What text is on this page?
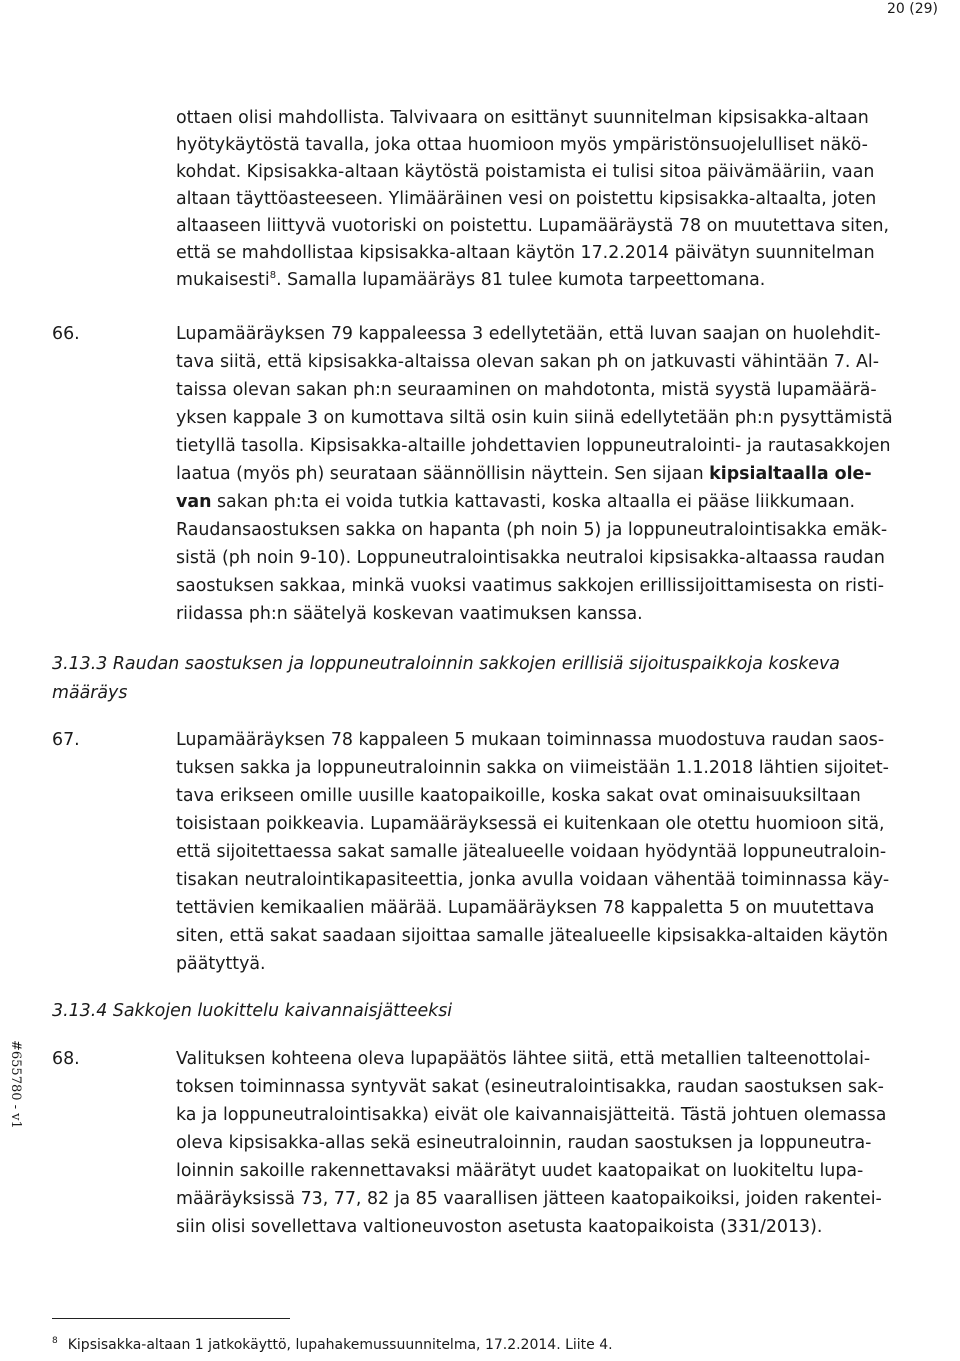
20 (29)
ottaen olisi mahdollista. Talvivaara on esittänyt suunnitelman kipsisakka-altaan
hyötykäytöstä tavalla, joka ottaa huomioon myös ympäristönsuojelulliset näkö-
kohdat. Kipsisakka-altaan käytöstä poistamista ei tulisi sitoa päivämääriin, vaan
altaan täyttöasteeseen. Ylimääräinen vesi on poistettu kipsisakka-altaalta, joten
altaaseen liittyvä vuotoriski on poistettu. Lupamääräystä 78 on muutettava siten,
että se mahdollistaa kipsisakka-altaan käytön 17.2.2014 päivätyn suunnitelman
mukaisesti$^8$. Samalla lupamääräys 81 tulee kumota tarpeettomana.
66.	Lupamääräyksen 79 kappaleessa 3 edellytetään, että luvan saajan on huolehdit-
tava siitä, että kipsisakka-altaissa olevan sakan ph on jatkuvasti vähintään 7. Al-
taissa olevan sakan ph:n seuraaminen on mahdotonta, mistä syystä lupamäärä-
yksen kappale 3 on kumottava siltä osin kuin siinä edellytetään ph:n pysyttämistä
tietyllä tasolla. Kipsisakka-altaille johdettavien loppuneutralointi- ja rautasakkojen
laatua (myös ph) seurataan säännöllisin näyttein. Sen sijaan kipsialtaalla ole-
van sakan ph:ta ei voida tutkia kattavasti, koska altaalla ei pääse liikkumaan.
Raudansaostuksen sakka on hapanta (ph noin 5) ja loppuneutralointisakka emäk-
sistä (ph noin 9-10). Loppuneutralointisakka neutraloi kipsisakka-altaassa raudan
saostuksen sakkaa, minkä vuoksi vaatimus sakkojen erillissijoittamisesta on risti-
riidassa ph:n säätelyä koskevan vaatimuksen kanssa.
3.13.3 Raudan saostuksen ja loppuneutraloinnin sakkojen erillisiä sijoituspaikkoja koskeva
määräys
67.	Lupamääräyksen 78 kappaleen 5 mukaan toiminnassa muodostuva raudan saos-
tuksen sakka ja loppuneutraloinnin sakka on viimeistään 1.1.2018 lähtien sijoitet-
tava erikseen omille uusille kaatopaikoille, koska sakat ovat ominaisuuksiltaan
toisistaan poikkeavia. Lupamääräyksessä ei kuitenkaan ole otettu huomioon sitä,
että sijoitettaessa sakat samalle jätealueelle voidaan hyödyntää loppuneutraloin-
tisakan neutralointikapasiteettia, jonka avulla voidaan vähentää toiminnassa käy-
tettävien kemikaalien määrää. Lupamääräyksen 78 kappaletta 5 on muutettava
siten, että sakat saadaan sijoittaa samalle jätealueelle kipsisakka-altaiden käytön
päätyttyä.
3.13.4 Sakkojen luokittelu kaivannaisjätteeksi
68.	Valituksen kohteena oleva lupapäätös lähtee siitä, että metallien talteenottolai-
toksen toiminnassa syntyvät sakat (esineutralointisakka, raudan saostuksen sak-
ka ja loppuneutralointisakka) eivät ole kaivannaisjätteitä. Tästä johtuen olemassa
oleva kipsisakka-allas sekä esineutraloinnin, raudan saostuksen ja loppuneutra-
loinnin sakoille rakennettavaksi määrätyt uudet kaatopaikat on luokiteltu lupa-
määräyksissä 73, 77, 82 ja 85 vaarallisen jätteen kaatopaikoiksi, joiden rakentei-
siin olisi sovellettava valtioneuvoston asetusta kaatopaikoista (331/2013).
$^8$ Kipsisakka-altaan 1 jatkokäyttö, lupahakemussuunnitelma, 17.2.2014. Liite 4.
#655780 - v1
